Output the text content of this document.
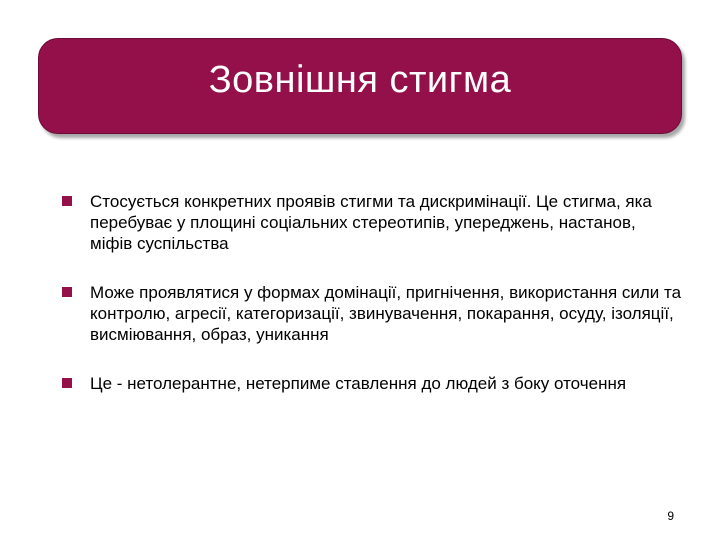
Зовнішня стигма
Стосується конкретних проявів стигми та дискримінації. Це стигма, яка перебуває у площині соціальних стереотипів, упереджень, настанов, міфів суспільства
Може проявлятися у формах домінації, пригнічення, використання сили та контролю, агресії, категоризації, звинувачення, покарання, осуду, ізоляції, висміювання, образ, уникання
Це - нетолерантне, нетерпиме ставлення до людей з боку оточення
9
